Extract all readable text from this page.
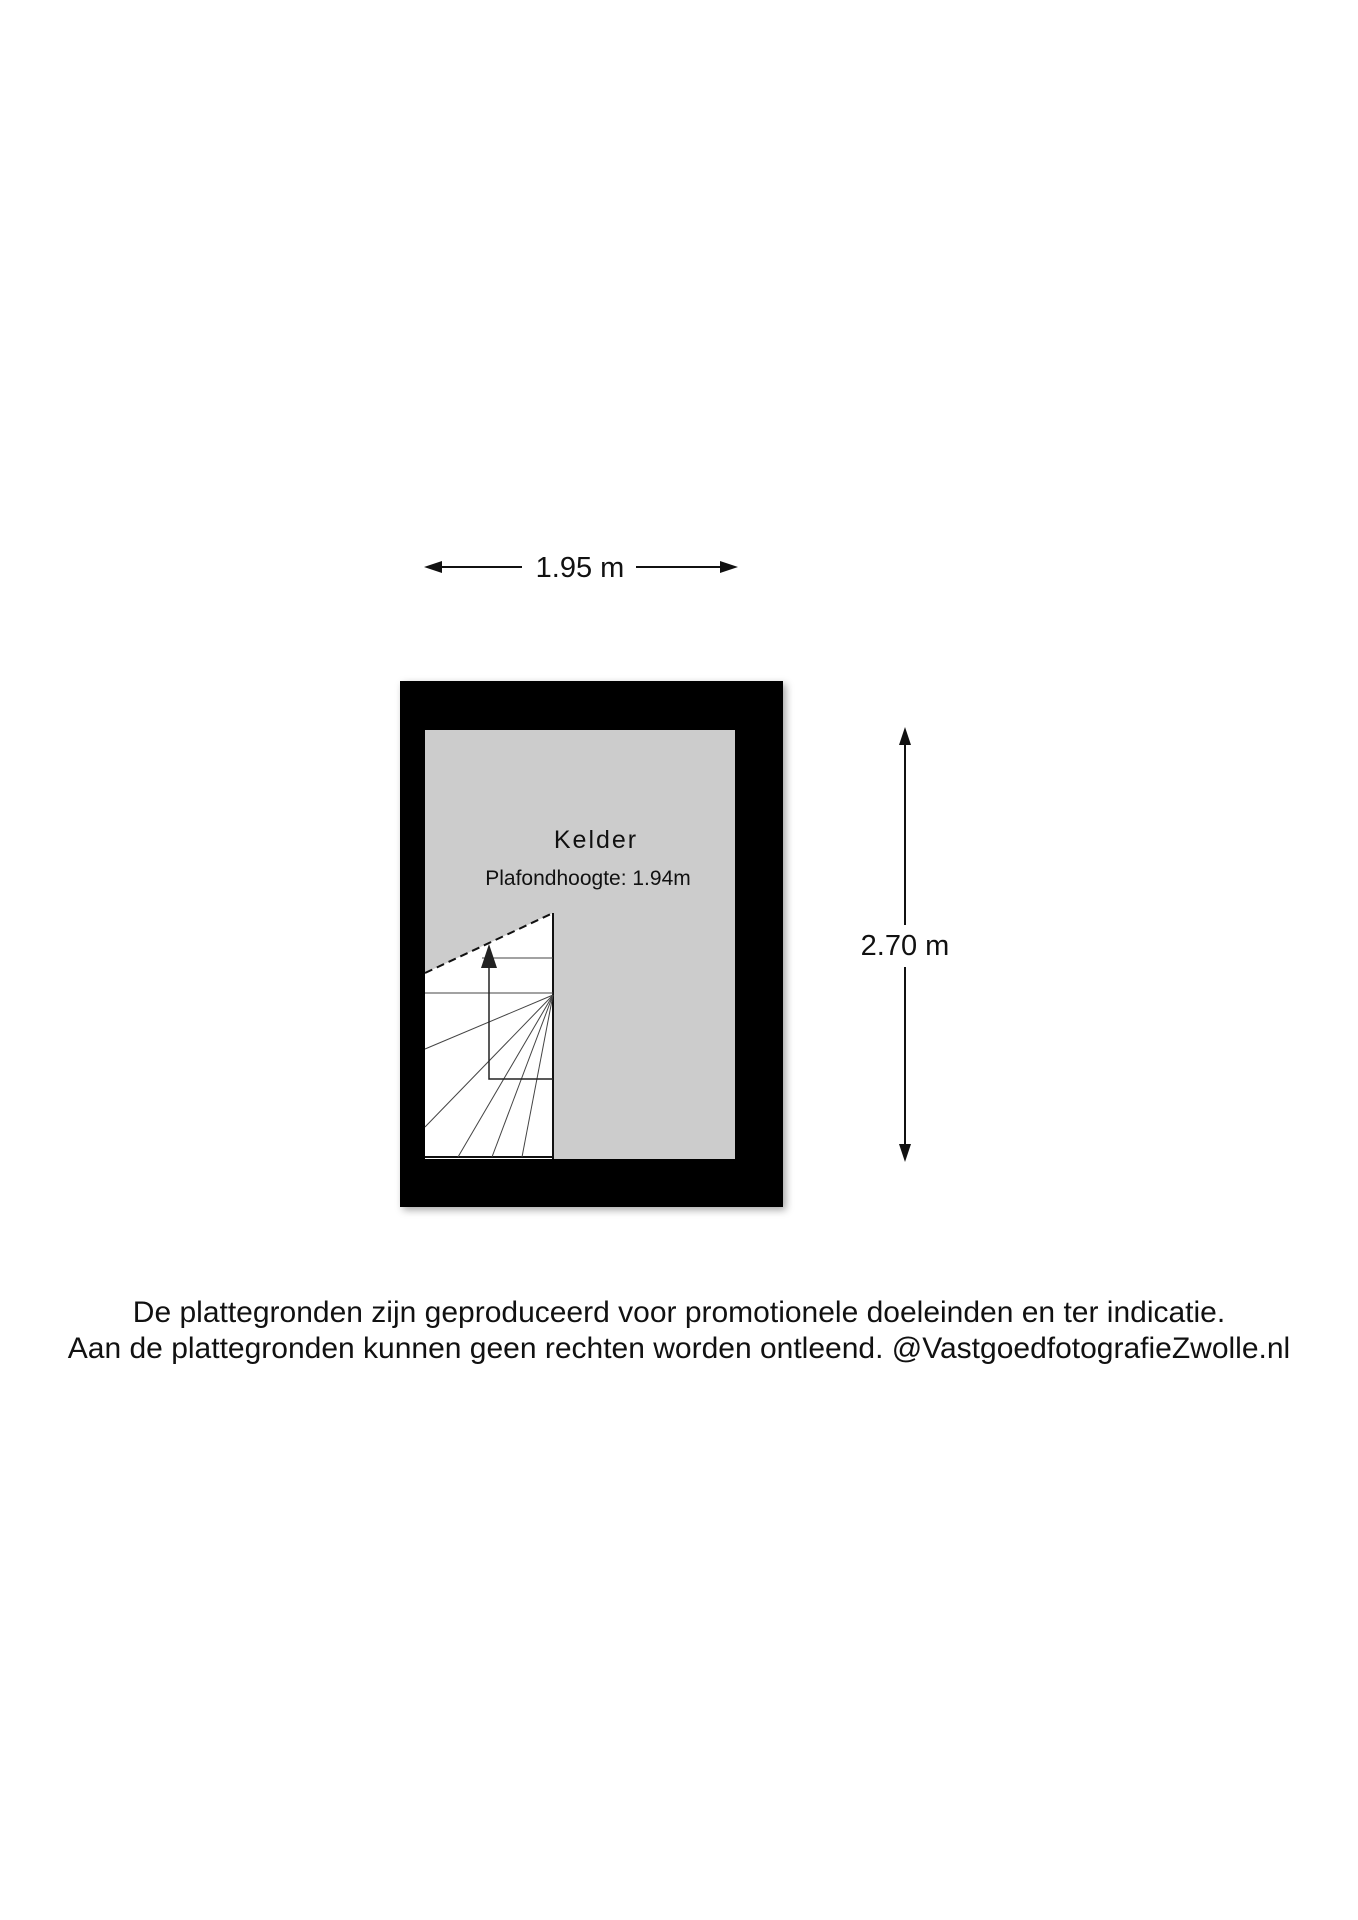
1.95 m
2.70 m
Kelder
Plafondhoogte: 1.94m
De plattegronden zijn geproduceerd voor promotionele doeleinden en ter indicatie.
Aan de plattegronden kunnen geen rechten worden ontleend. @VastgoedfotografieZwolle.nl
